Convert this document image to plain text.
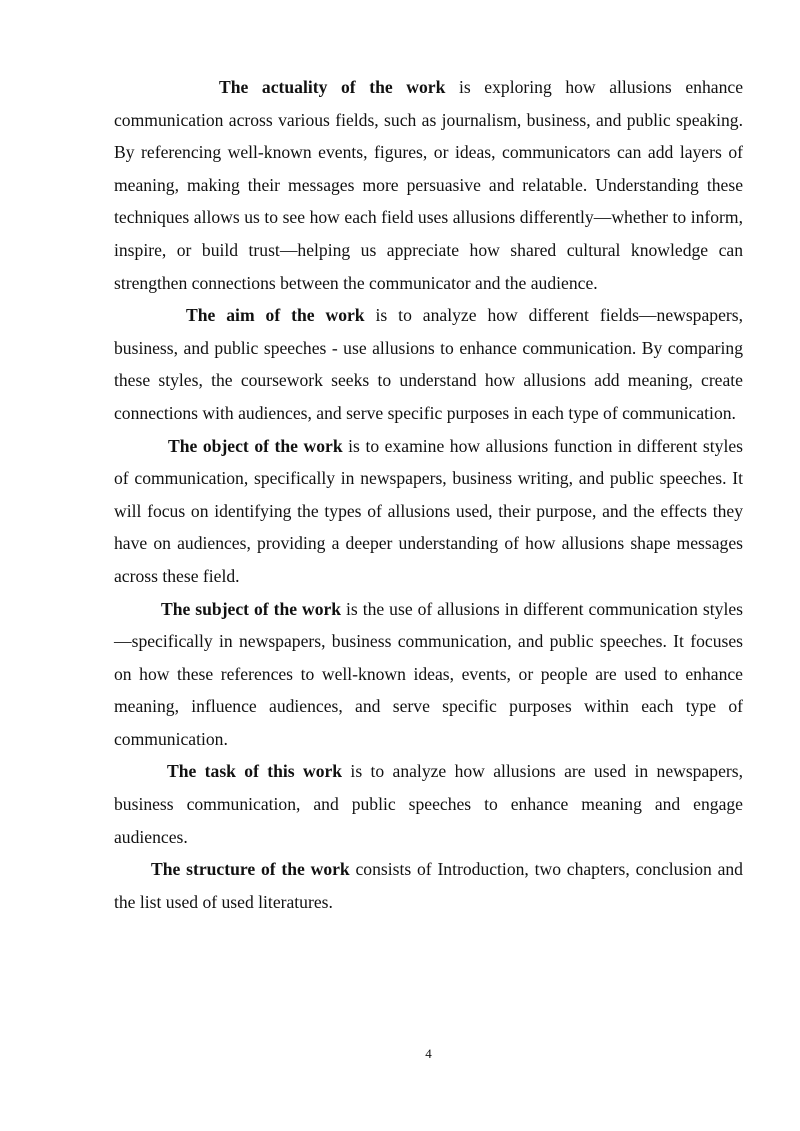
The actuality of the work is exploring how allusions enhance communication across various fields, such as journalism, business, and public speaking. By referencing well-known events, figures, or ideas, communicators can add layers of meaning, making their messages more persuasive and relatable. Understanding these techniques allows us to see how each field uses allusions differently—whether to inform, inspire, or build trust—helping us appreciate how shared cultural knowledge can strengthen connections between the communicator and the audience.

The aim of the work is to analyze how different fields—newspapers, business, and public speeches - use allusions to enhance communication. By comparing these styles, the coursework seeks to understand how allusions add meaning, create connections with audiences, and serve specific purposes in each type of communication.

The object of the work is to examine how allusions function in different styles of communication, specifically in newspapers, business writing, and public speeches. It will focus on identifying the types of allusions used, their purpose, and the effects they have on audiences, providing a deeper understanding of how allusions shape messages across these field.

The subject of the work is the use of allusions in different communication styles—specifically in newspapers, business communication, and public speeches. It focuses on how these references to well-known ideas, events, or people are used to enhance meaning, influence audiences, and serve specific purposes within each type of communication.

The task of this work is to analyze how allusions are used in newspapers, business communication, and public speeches to enhance meaning and engage audiences.

The structure of the work consists of Introduction, two chapters, conclusion and the list used of used literatures.

4
